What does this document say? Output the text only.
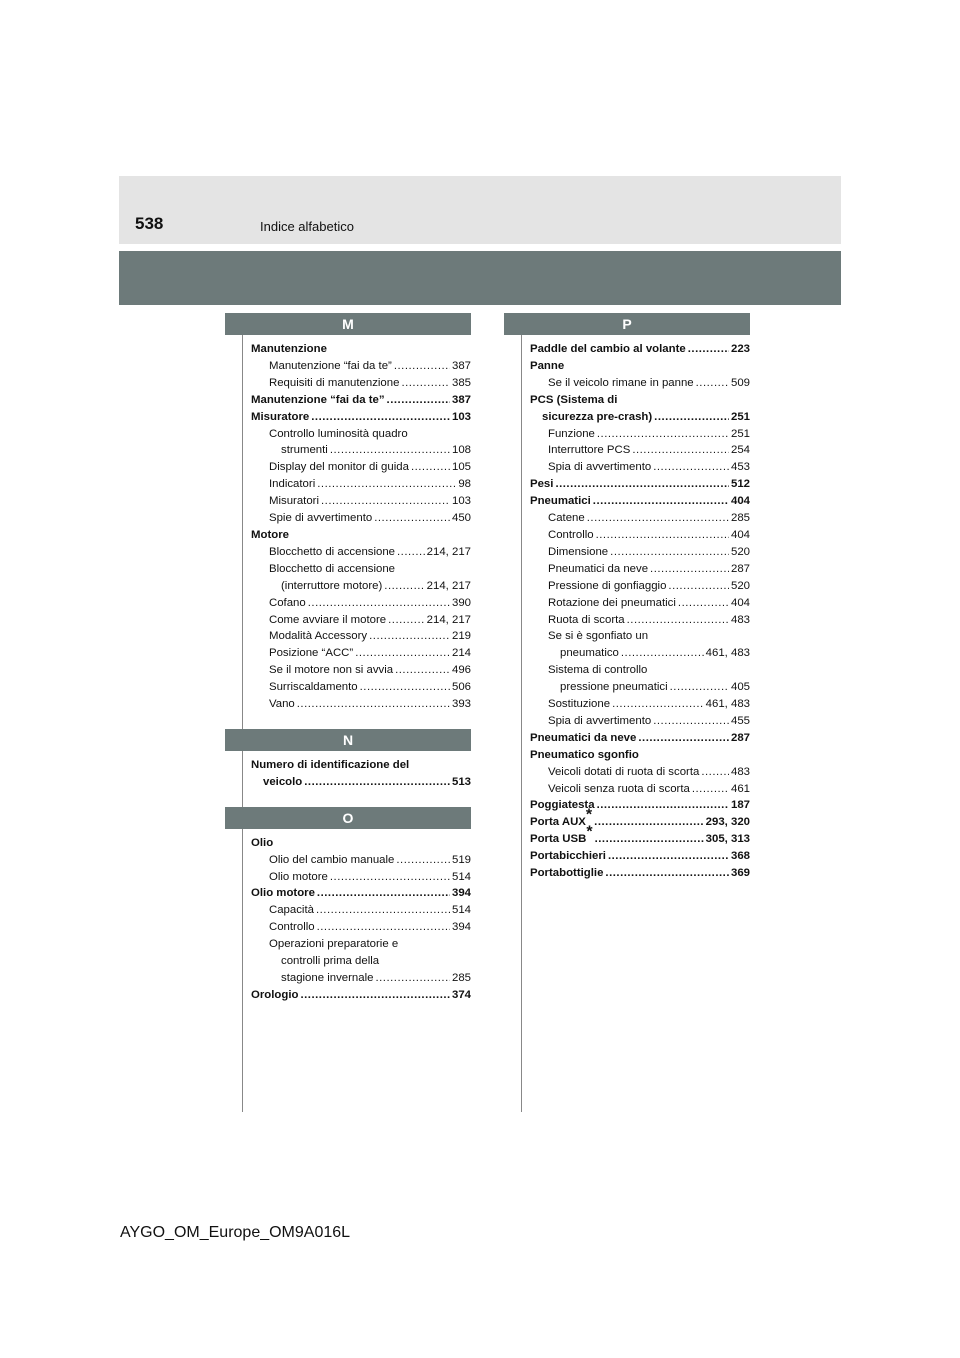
538	Indice alfabetico
M
Manutenzione
Manutenzione “fai da te” .....	387
Requisiti di manutenzione .....	385
Manutenzione “fai da te” .....	387
Misuratore .....	103
Controllo luminosità quadro
strumenti .....	108
Display del monitor di guida .....	105
Indicatori .....	98
Misuratori .....	103
Spie di avvertimento .....	450
Motore
Blocchetto di accensione .....	214, 217
Blocchetto di accensione
(interruttore motore) .....	214, 217
Cofano .....	390
Come avviare il motore .....	214, 217
Modalità Accessory .....	219
Posizione “ACC” .....	214
Se il motore non si avvia .....	496
Surriscaldamento .....	506
Vano .....	393
N
Numero di identificazione del
veicolo .....	513
O
Olio
Olio del cambio manuale .....	519
Olio motore .....	514
Olio motore .....	394
Capacità .....	514
Controllo .....	394
Operazioni preparatorie e
controlli prima della
stagione invernale .....	285
Orologio .....	374
P
Paddle del cambio al volante .....	223
Panne
Se il veicolo rimane in panne .....	509
PCS (Sistema di
sicurezza pre-crash) .....	251
Funzione .....	251
Interruttore PCS .....	254
Spia di avvertimento .....	453
Pesi .....	512
Pneumatici .....	404
Catene .....	285
Controllo .....	404
Dimensione .....	520
Pneumatici da neve .....	287
Pressione di gonfiaggio .....	520
Rotazione dei pneumatici .....	404
Ruota di scorta .....	483
Se si è sgonfiato un
pneumatico .....	461, 483
Sistema di controllo
pressione pneumatici .....	405
Sostituzione .....	461, 483
Spia di avvertimento .....	455
Pneumatici da neve .....	287
Pneumatico sgonfio
Veicoli dotati di ruota di scorta .....	483
Veicoli senza ruota di scorta .....	461
Poggiatesta .....	187
Porta AUX* .....	293, 320
Porta USB* .....	305, 313
Portabicchieri .....	368
Portabottiglie .....	369
AYGO_OM_Europe_OM9A016L
